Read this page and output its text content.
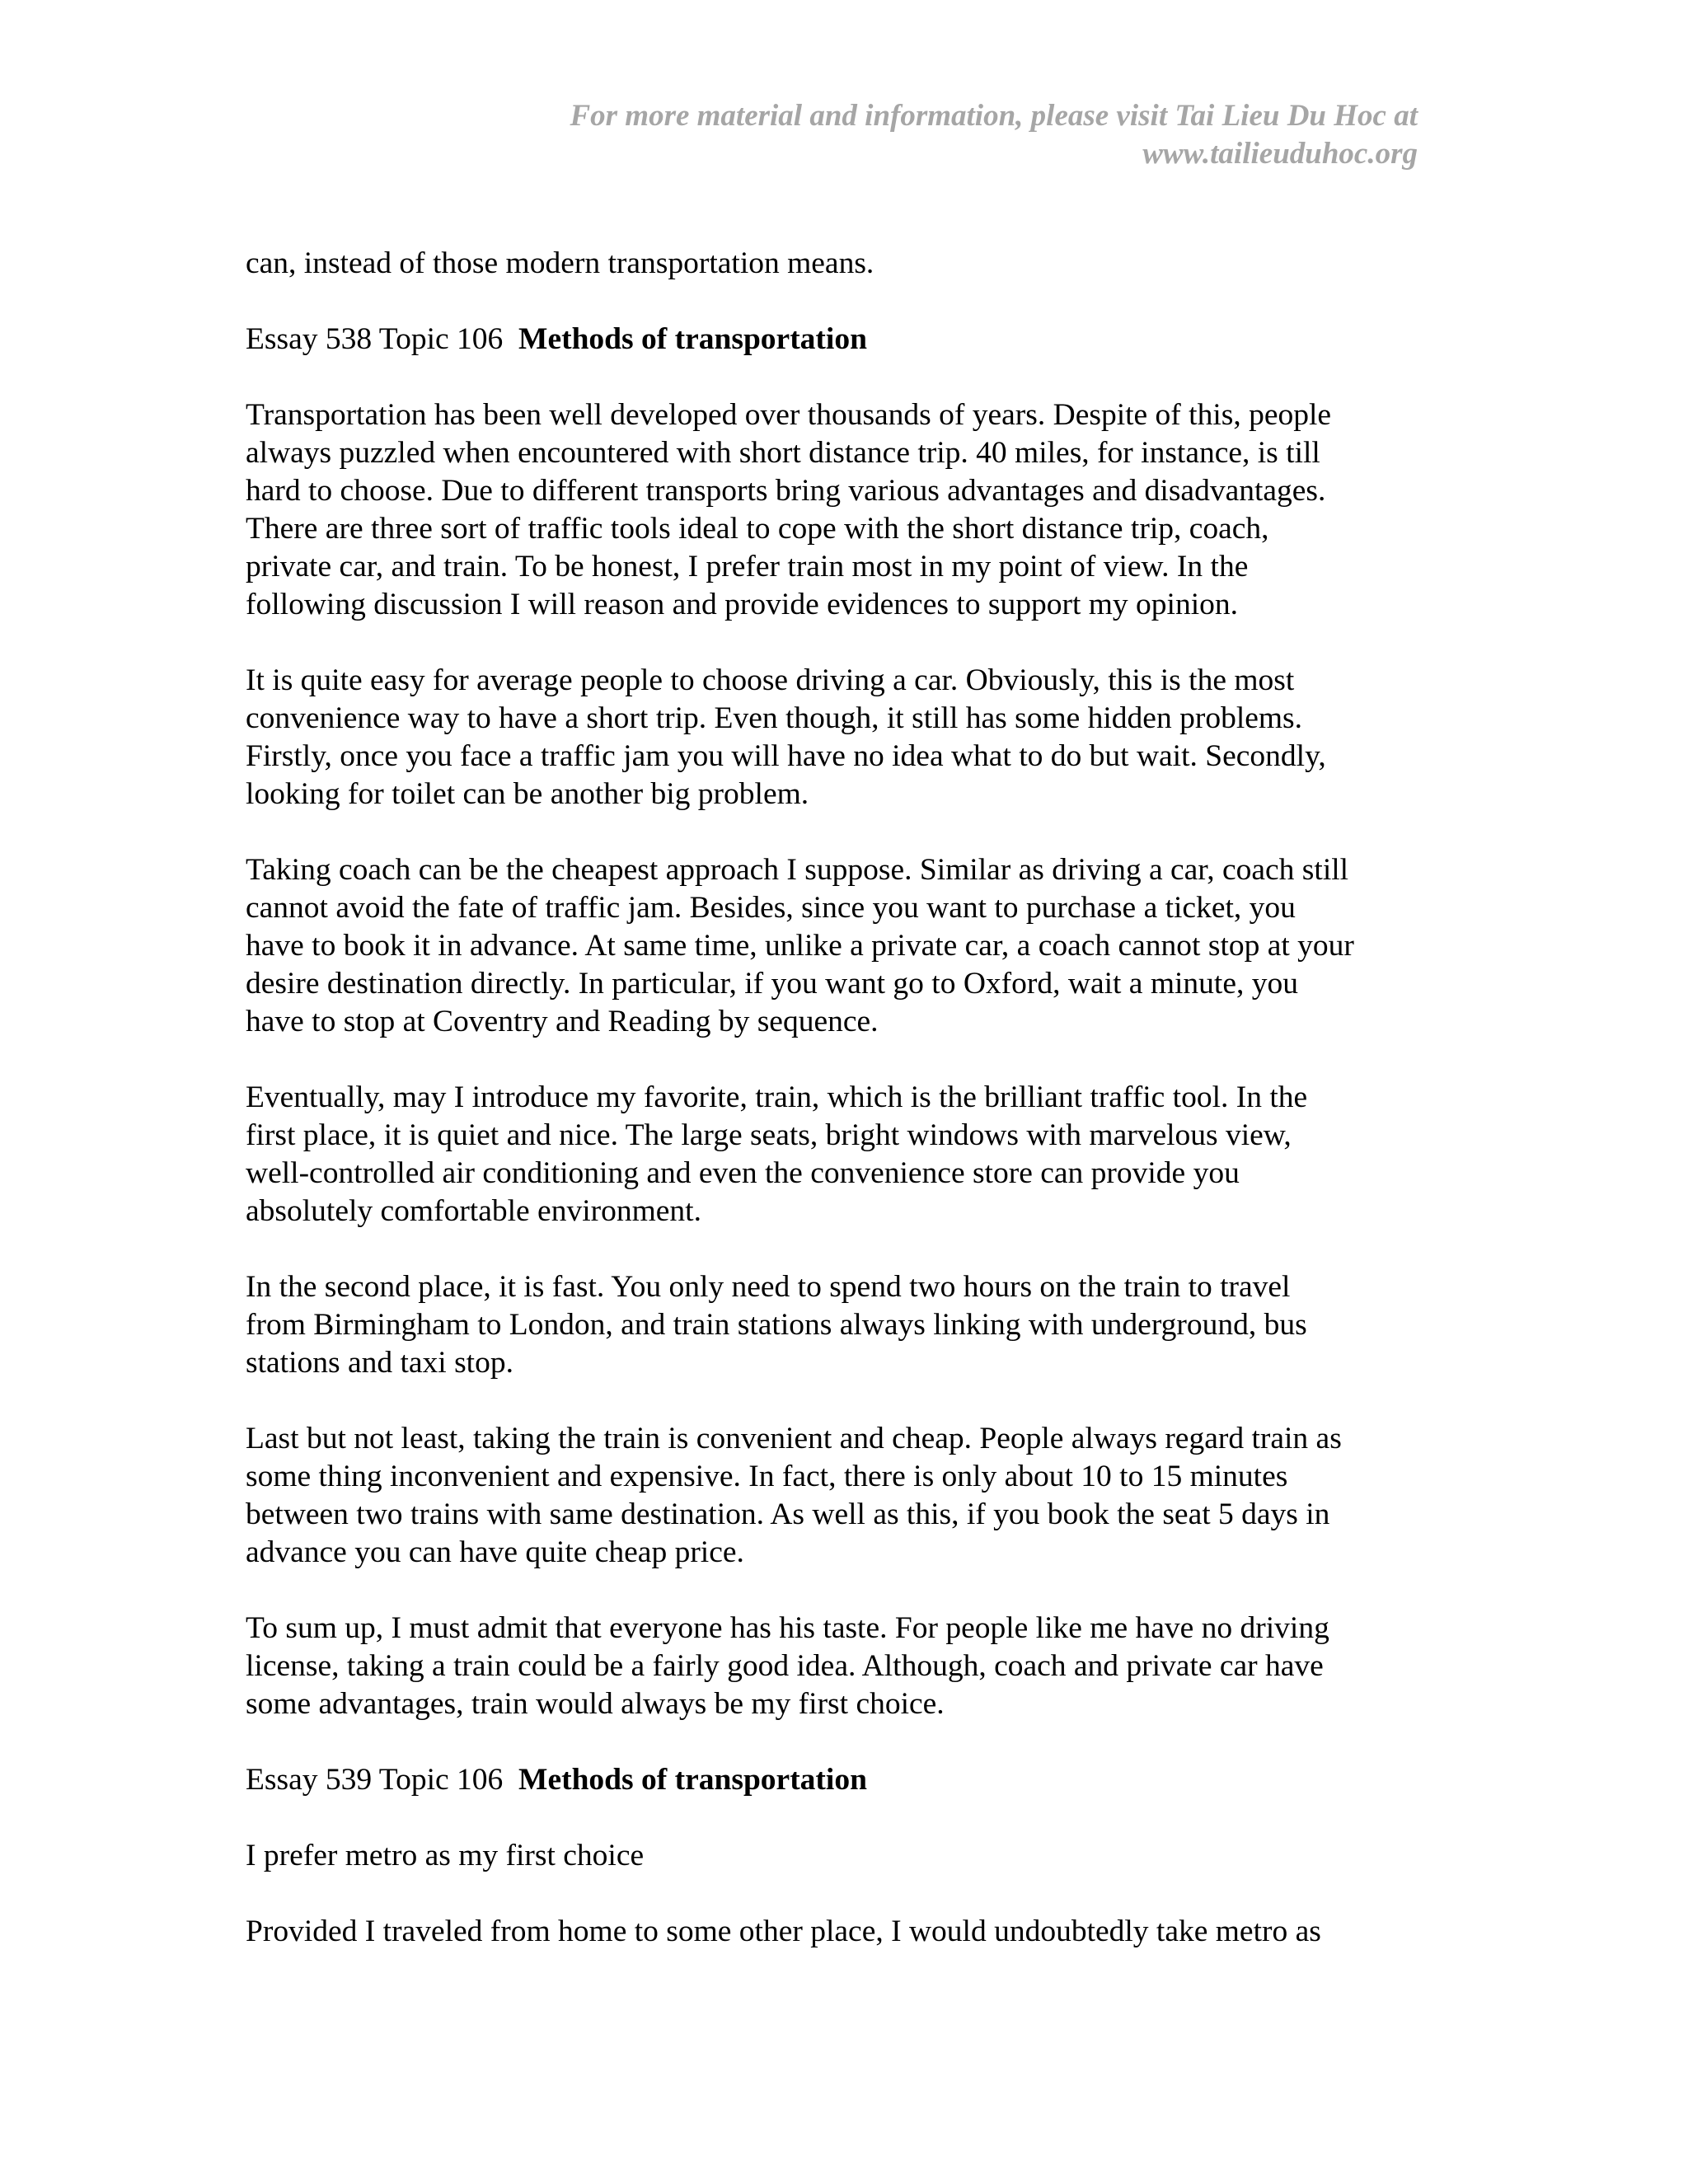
For more material and information, please visit Tai Lieu Du Hoc at
www.tailieuduhoc.org

can, instead of those modern transportation means.

Essay 538 Topic 106 Methods of transportation

Transportation has been well developed over thousands of years. Despite of this, people
always puzzled when encountered with short distance trip. 40 miles, for instance, is till
hard to choose. Due to different transports bring various advantages and disadvantages.
There are three sort of traffic tools ideal to cope with the short distance trip, coach,
private car, and train. To be honest, I prefer train most in my point of view. In the
following discussion I will reason and provide evidences to support my opinion.

It is quite easy for average people to choose driving a car. Obviously, this is the most
convenience way to have a short trip. Even though, it still has some hidden problems.
Firstly, once you face a traffic jam you will have no idea what to do but wait. Secondly,
looking for toilet can be another big problem.

Taking coach can be the cheapest approach I suppose. Similar as driving a car, coach still
cannot avoid the fate of traffic jam. Besides, since you want to purchase a ticket, you
have to book it in advance. At same time, unlike a private car, a coach cannot stop at your
desire destination directly. In particular, if you want go to Oxford, wait a minute, you
have to stop at Coventry and Reading by sequence.

Eventually, may I introduce my favorite, train, which is the brilliant traffic tool. In the
first place, it is quiet and nice. The large seats, bright windows with marvelous view,
well-controlled air conditioning and even the convenience store can provide you
absolutely comfortable environment.

In the second place, it is fast. You only need to spend two hours on the train to travel
from Birmingham to London, and train stations always linking with underground, bus
stations and taxi stop.

Last but not least, taking the train is convenient and cheap. People always regard train as
some thing inconvenient and expensive. In fact, there is only about 10 to 15 minutes
between two trains with same destination. As well as this, if you book the seat 5 days in
advance you can have quite cheap price.

To sum up, I must admit that everyone has his taste. For people like me have no driving
license, taking a train could be a fairly good idea. Although, coach and private car have
some advantages, train would always be my first choice.

Essay 539 Topic 106 Methods of transportation

I prefer metro as my first choice

Provided I traveled from home to some other place, I would undoubtedly take metro as
